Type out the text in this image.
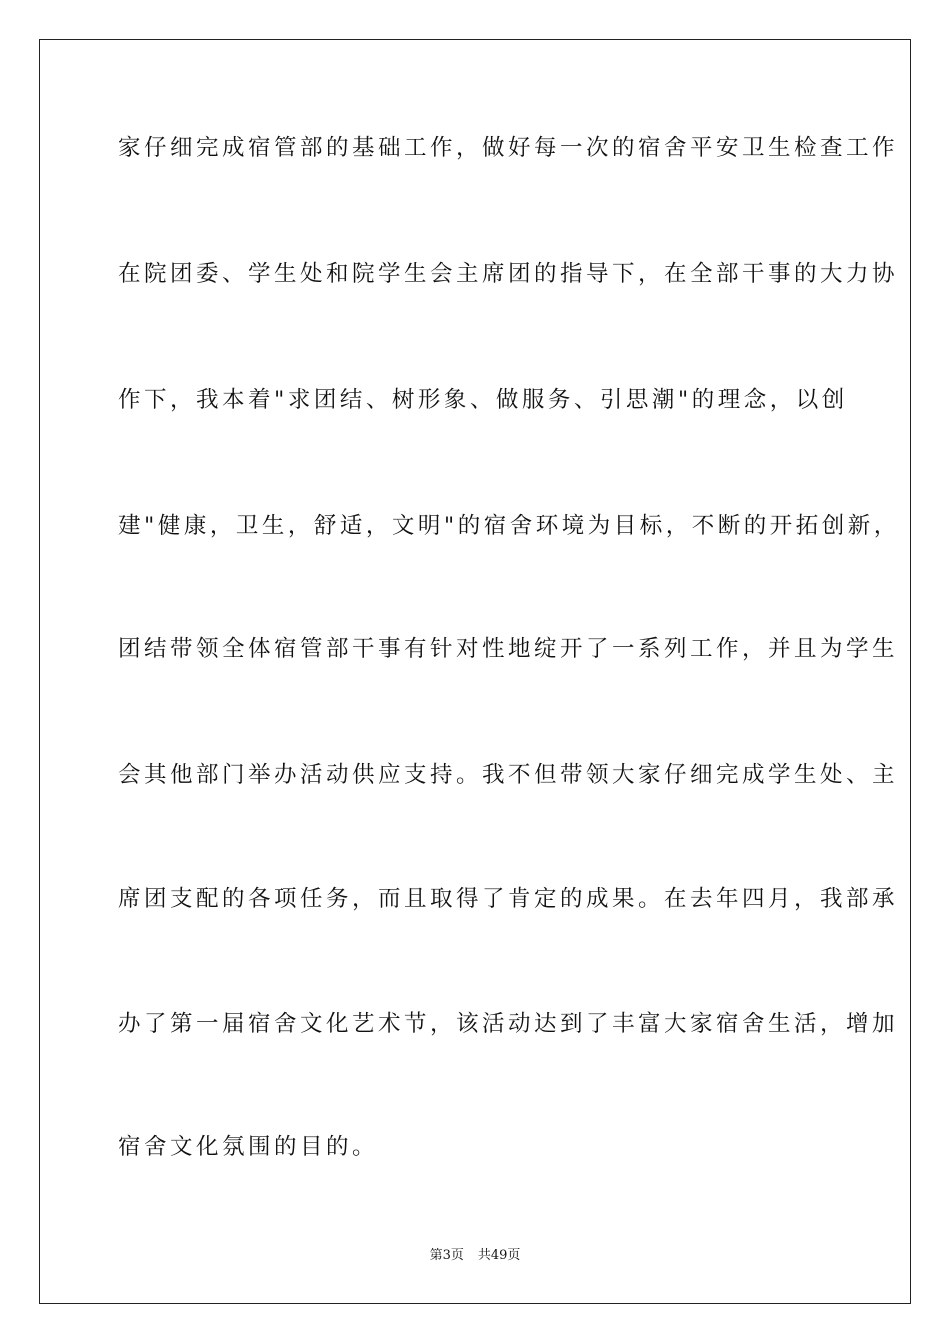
家仔细完成宿管部的基础工作，做好每一次的宿舍平安卫生检查工作
在院团委、学生处和院学生会主席团的指导下，在全部干事的大力协
作下，我本着"求团结、树形象、做服务、引思潮"的理念，以创
建"健康，卫生，舒适，文明"的宿舍环境为目标，不断的开拓创新，
团结带领全体宿管部干事有针对性地绽开了一系列工作，并且为学生
会其他部门举办活动供应支持。我不但带领大家仔细完成学生处、主
席团支配的各项任务，而且取得了肯定的成果。在去年四月，我部承
办了第一届宿舍文化艺术节，该活动达到了丰富大家宿舍生活，增加
宿舍文化氛围的目的。
第3页 共49页
